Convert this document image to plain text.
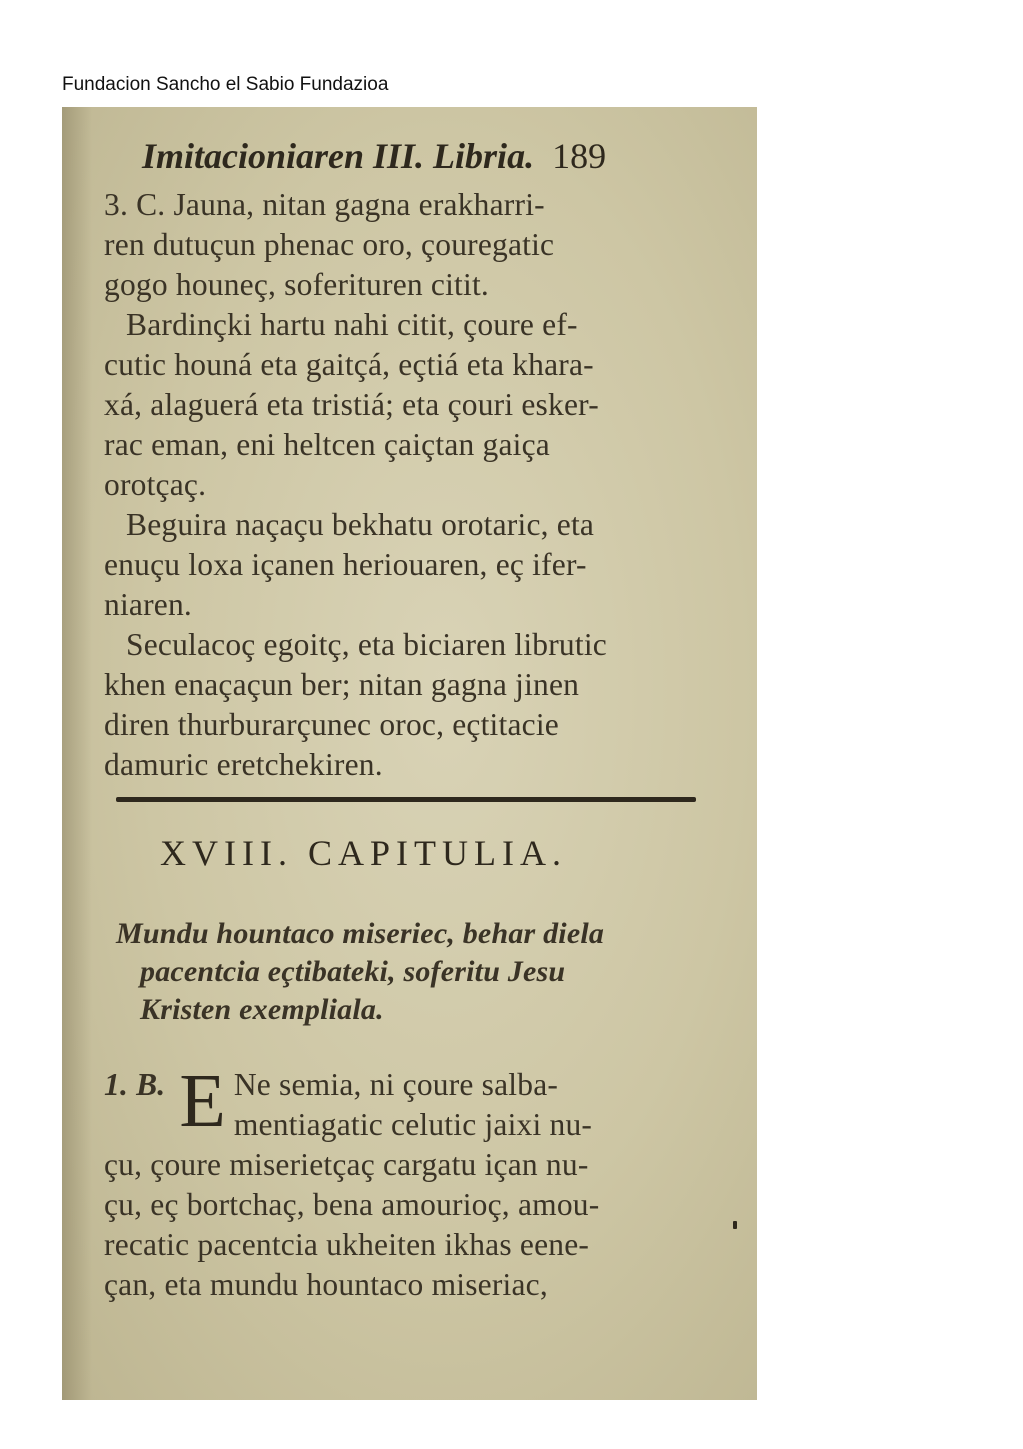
Fundacion Sancho el Sabio Fundazioa
Imitacioniaren III. Libria. 189
3. C. Jauna, nitan gagna erakharri-
ren dutuçun phenac oro, çouregatic
gogo houneç, soferituren citit.
Bardinçki hartu nahi citit, çoure ef-
cutic houná eta gaitçá, eçtiá eta khara-
xá, alaguerá eta tristiá; eta çouri esker-
rac eman, eni heltcen çaiçtan gaiça
orotçaç.
Beguira naçaçu bekhatu orotaric, eta
enuçu loxa içanen heriouaren, eç ifer-
niaren.
Seculacoç egoitç, eta biciaren librutic
khen enaçaçun ber; nitan gagna jinen
diren thurburarçunec oroc, eçtitacie
damuric eretchekiren.
XVIII. CAPITULIA.
Mundu hountaco miseriec, behar diela
pacentcia eçtibateki, soferitu Jesu
Kristen exempliala.
1. B. E Ne semia, ni çoure salba-
mentiagatic celutic jaixi nu-
çu, çoure miserietçaç cargatu içan nu-
çu, eç bortchaç, bena amourioç, amou-
recatic pacentcia ukheiten ikhas eene-
çan, eta mundu hountaco miseriac,
